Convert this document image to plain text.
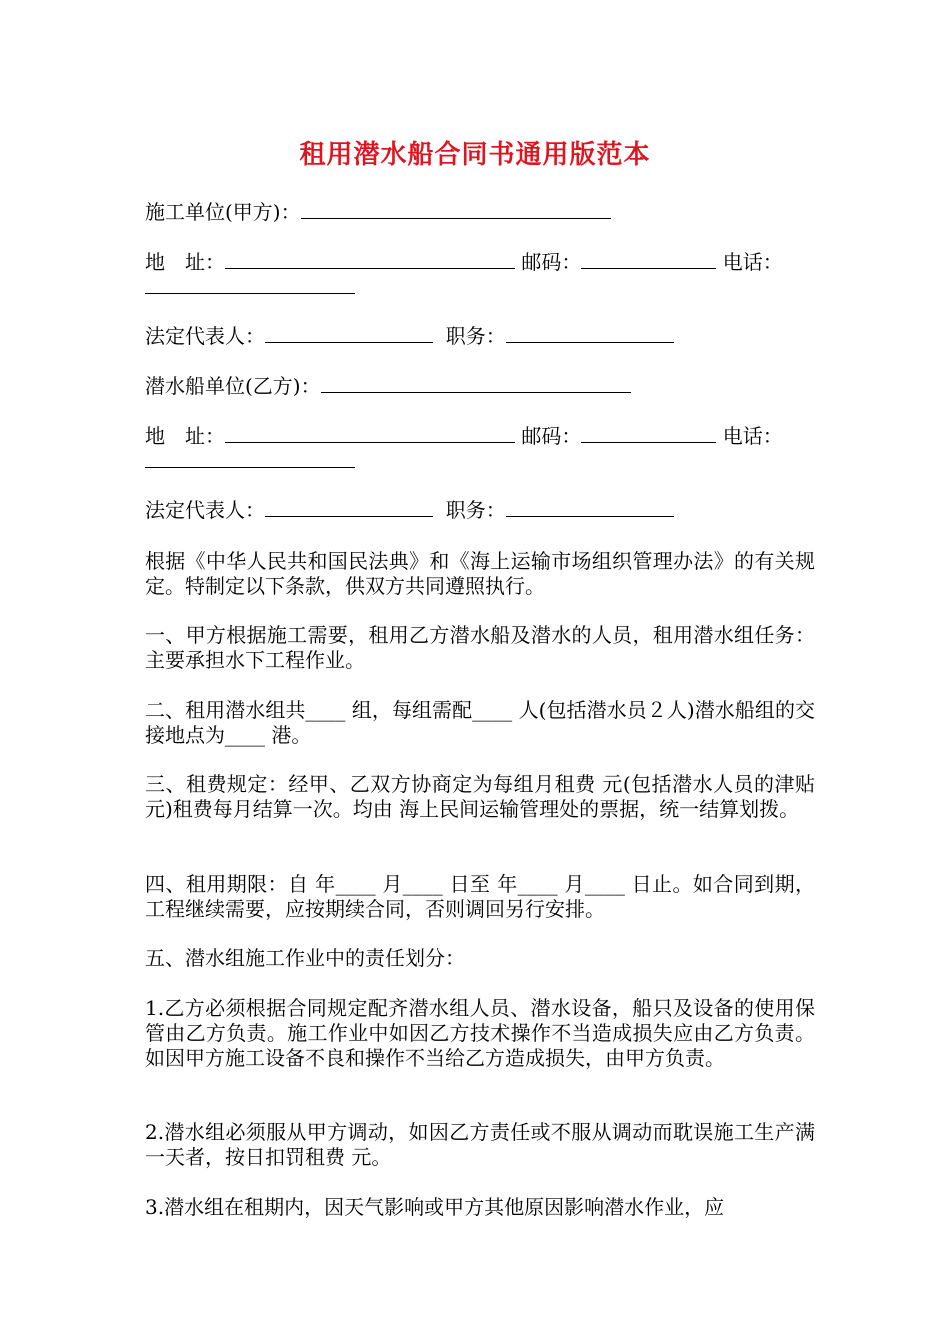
租用潜水船合同书通用版范本
施工单位(甲方)：
地　址：	邮码：	电话：
法定代表人：	职务：
潜水船单位(乙方)：
地　址：	邮码：	电话：
法定代表人：	职务：
根据《中华人民共和国民法典》和《海上运输市场组织管理办法》的有关规定。特制定以下条款，供双方共同遵照执行。
一、甲方根据施工需要，租用乙方潜水船及潜水的人员，租用潜水组任务：主要承担水下工程作业。
二、租用潜水组共____ 组，每组需配____ 人(包括潜水员２人)潜水船组的交接地点为____ 港。
三、租费规定：经甲、乙双方协商定为每组月租费 元(包括潜水人员的津贴 元)租费每月结算一次。均由 海上民间运输管理处的票据，统一结算划拨。
四、租用期限：自 年____ 月____ 日至 年____ 月____ 日止。如合同到期，工程继续需要，应按期续合同，否则调回另行安排。
五、潜水组施工作业中的责任划分：
1.乙方必须根据合同规定配齐潜水组人员、潜水设备，船只及设备的使用保管由乙方负责。施工作业中如因乙方技术操作不当造成损失应由乙方负责。如因甲方施工设备不良和操作不当给乙方造成损失，由甲方负责。
2.潜水组必须服从甲方调动，如因乙方责任或不服从调动而耽误施工生产满一天者，按日扣罚租费 元。
3.潜水组在租期内，因天气影响或甲方其他原因影响潜水作业，应
